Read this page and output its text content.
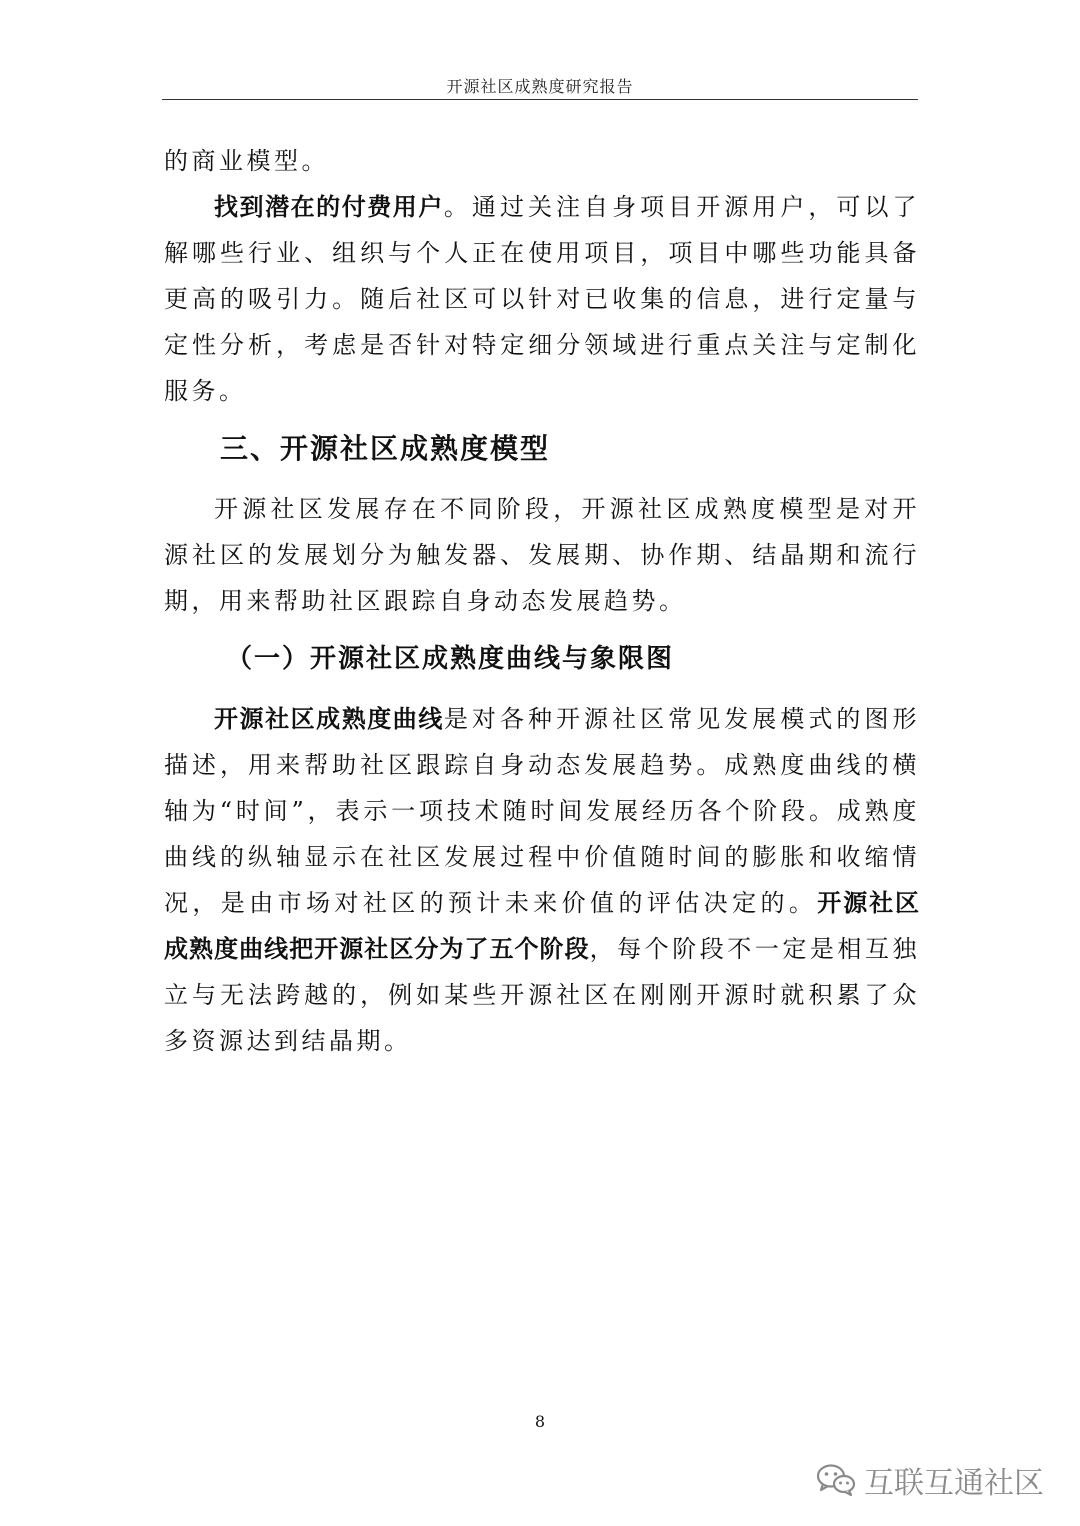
开源社区成熟度研究报告

的商业模型。

找到潜在的付费用户。通过关注自身项目开源用户，可以了解哪些行业、组织与个人正在使用项目，项目中哪些功能具备更高的吸引力。随后社区可以针对已收集的信息，进行定量与定性分析，考虑是否针对特定细分领域进行重点关注与定制化服务。

三、开源社区成熟度模型

开源社区发展存在不同阶段，开源社区成熟度模型是对开源社区的发展划分为触发器、发展期、协作期、结晶期和流行期，用来帮助社区跟踪自身动态发展趋势。

（一）开源社区成熟度曲线与象限图

开源社区成熟度曲线是对各种开源社区常见发展模式的图形描述，用来帮助社区跟踪自身动态发展趋势。成熟度曲线的横轴为“时间”，表示一项技术随时间发展经历各个阶段。成熟度曲线的纵轴显示在社区发展过程中价值随时间的膨胀和收缩情况，是由市场对社区的预计未来价值的评估决定的。开源社区成熟度曲线把开源社区分为了五个阶段，每个阶段不一定是相互独立与无法跨越的，例如某些开源社区在刚刚开源时就积累了众多资源达到结晶期。

8
互联互通社区
